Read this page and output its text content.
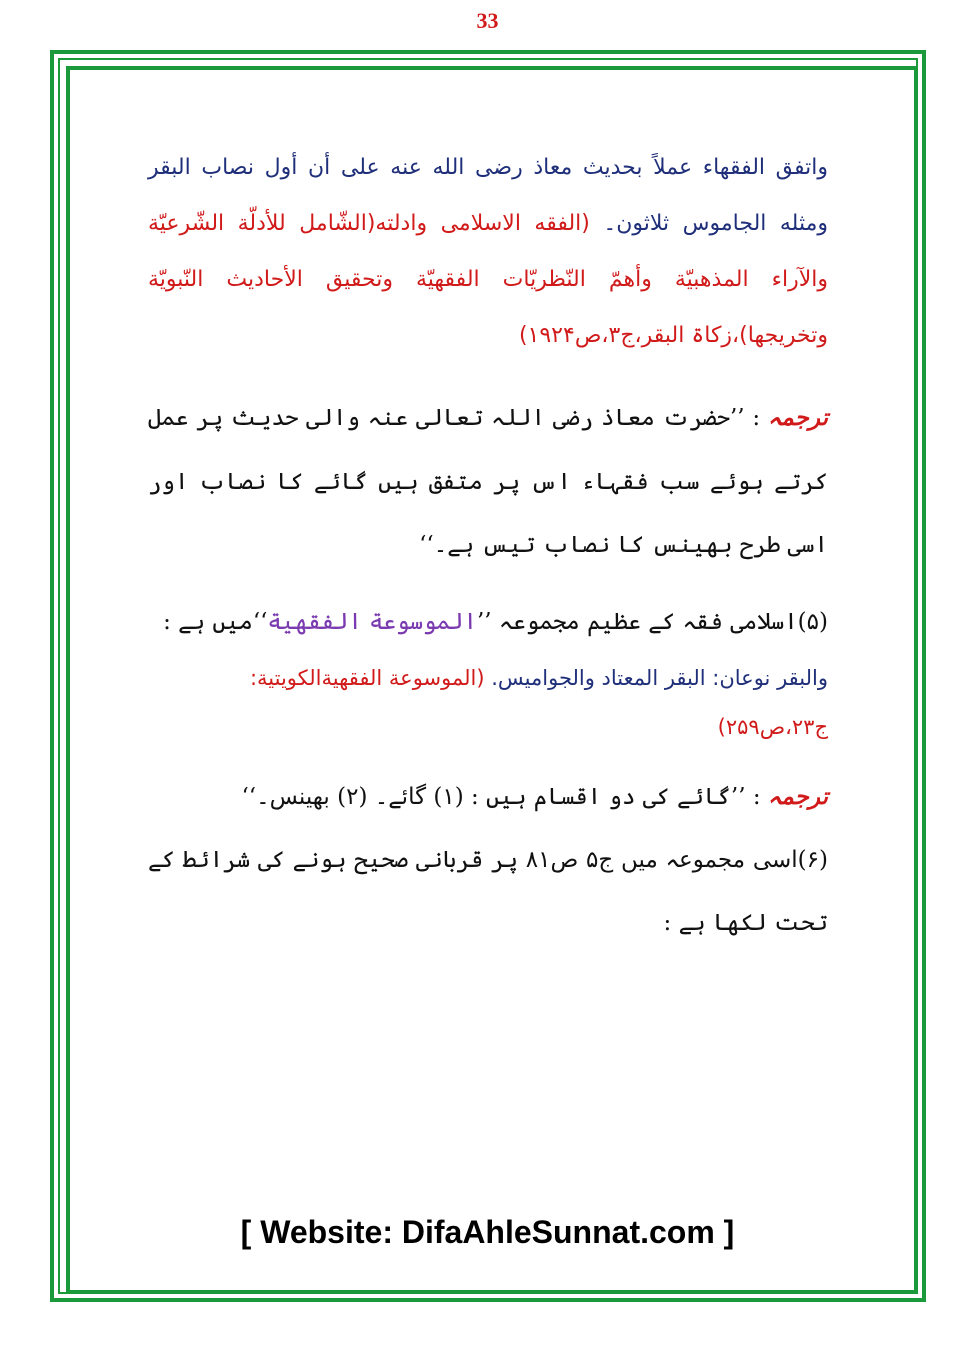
33

واتفق الفقهاء عملاً بحديث معاذ رضى الله عنه على أن أول نصاب البقر ومثله الجاموس ثلاثون۔ (الفقه الاسلامی وادلته(الشّامل للأدلّة الشّرعيّة والآراء المذهبيّة وأهمّ النّظريّات الفقهيّة وتحقيق الأحاديث النّبويّة وتخريجها)،زکاۃ البقر،ج۳،ص۱۹۲۴)

ترجمہ : ’’حضرت معاذ رضی اللہ تعالی عنہ والی حدیث پر عمل کرتے ہوئے سب فقہاء اس پر متفق ہیں گائے کا نصاب اور اسی طرح بھینس کا نصاب تیس ہے۔‘‘

(۵)اسلامی فقہ کے عظیم مجموعہ ’’الموسوعة الفقهية‘‘میں ہے :

والبقر نوعان: البقر المعتاد والجواميس. (الموسوعة الفقهيةالكويتية: ج۲۳،ص۲۵۹)

ترجمہ : ’’گائے کی دو اقسام ہیں : (۱) گائے۔ (۲) بھینس۔‘‘

(۶)اسی مجموعہ میں ج۵ ص۸۱ پر قربانی صحیح ہونے کی شرائط کے تحت لکھا ہے :

[ Website: DifaAhleSunnat.com ]
